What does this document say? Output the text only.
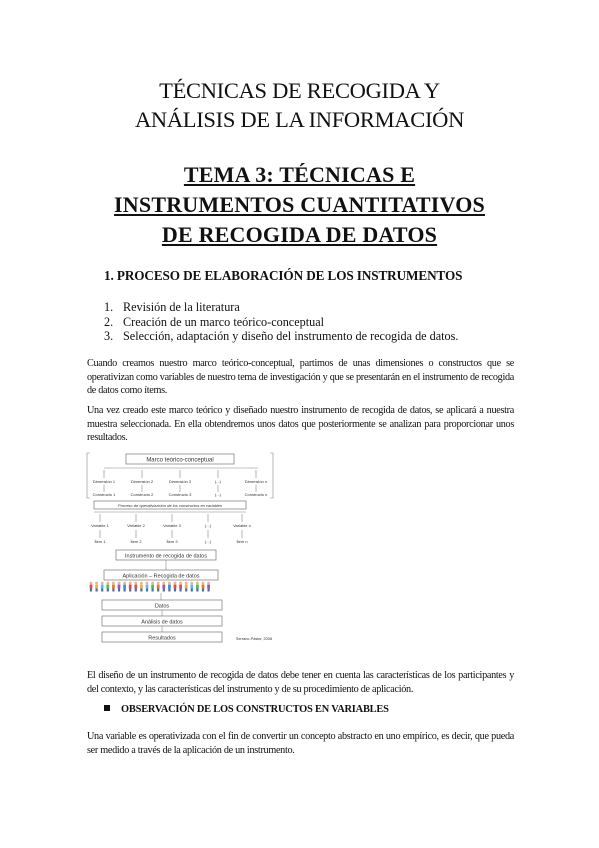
TÉCNICAS DE RECOGIDA Y
ANÁLISIS DE LA INFORMACIÓN
TEMA 3: TÉCNICAS E
INSTRUMENTOS CUANTITATIVOS
DE RECOGIDA DE DATOS
1. PROCESO DE ELABORACIÓN DE LOS INSTRUMENTOS
1. Revisión de la literatura
2. Creación de un marco teórico-conceptual
3. Selección, adaptación y diseño del instrumento de recogida de datos.
Cuando creamos nuestro marco teórico-conceptual, partimos de unas dimensiones o constructos que se operativizan como variables de nuestro tema de investigación y que se presentarán en el instrumento de recogida de datos como ítems.
Una vez creado este marco teórico y diseñado nuestro instrumento de recogida de datos, se aplicará a nuestra muestra seleccionada. En ella obtendremos unos datos que posteriormente se analizan para proporcionar unos resultados.
Marco teórico-conceptual
Dimensión 1	Dimensión 2	Dimensión 3	(...)	Dimensión n
Constructo 1	Constructo 2	Constructo 3	(...)	Constructo n
Proceso de operativización de los constructos en variables
Variable 1	Variable 2	Variable 3	(...)	Variable n
Ítem 1	Ítem 2	Ítem 3	(...)	Ítem n
Instrumento de recogida de datos
Aplicación – Recogida de datos
Datos
Análisis de datos
Resultados	Serrano-Pastor, 2008
El diseño de un instrumento de recogida de datos debe tener en cuenta las características de los participantes y del contexto, y las características del instrumento y de su procedimiento de aplicación.
OBSERVACIÓN DE LOS CONSTRUCTOS EN VARIABLES
Una variable es operativizada con el fin de convertir un concepto abstracto en uno empírico, es decir, que pueda ser medido a través de la aplicación de un instrumento.
